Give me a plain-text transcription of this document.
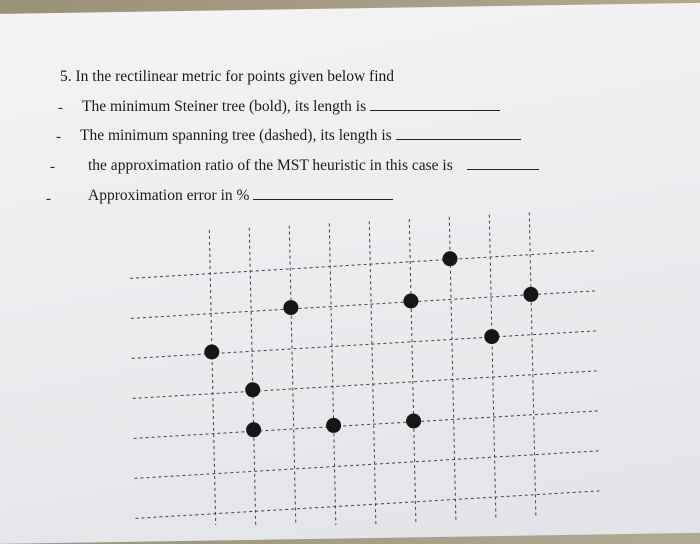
5. In the rectilinear metric for points given below find
- The minimum Steiner tree (bold), its length is
- The minimum spanning tree (dashed), its length is
- the approximation ratio of the MST heuristic in this case is
- Approximation error in %
